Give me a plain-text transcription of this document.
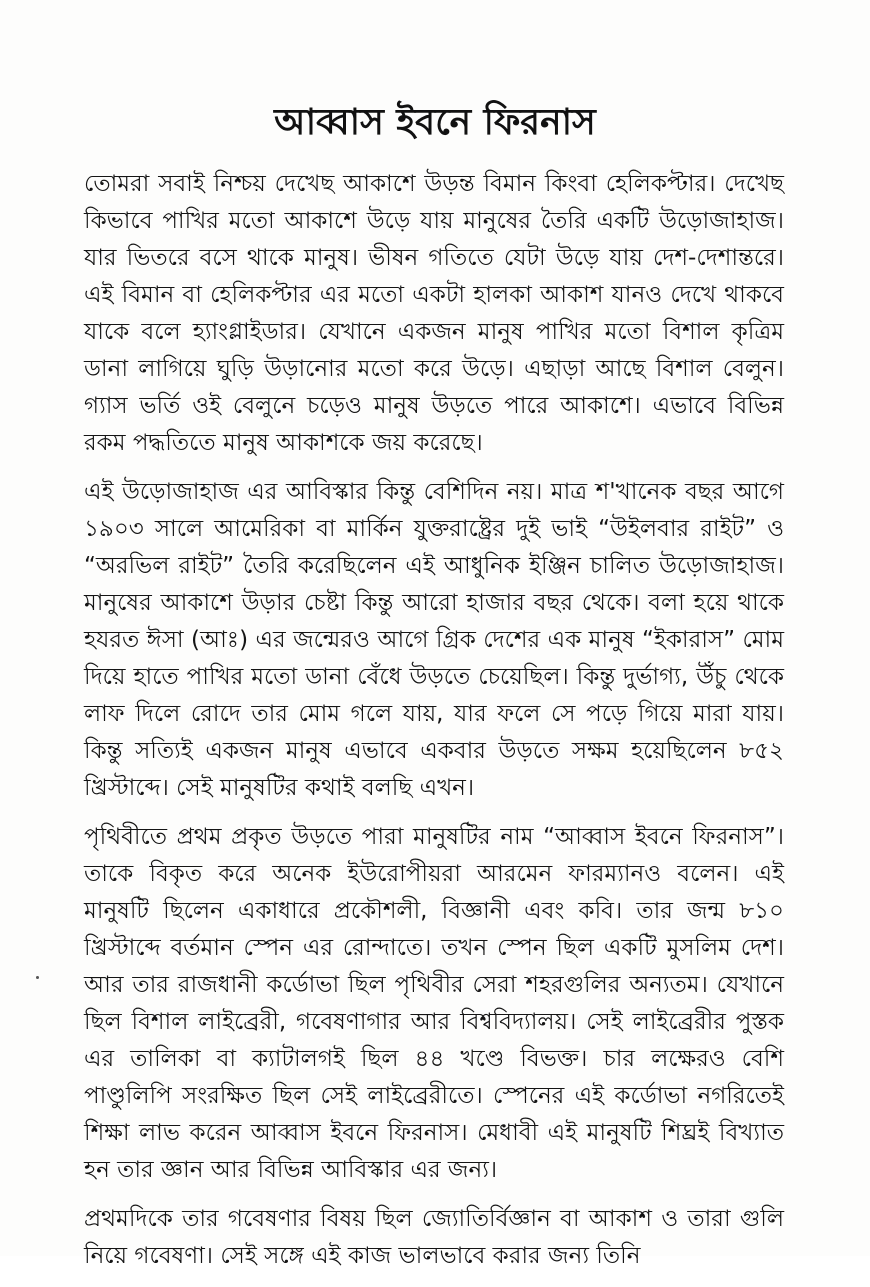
আব্বাস ইবনে ফিরনাস

তোমরা সবাই নিশ্চয় দেখেছ আকাশে উড়ন্ত বিমান কিংবা হেলিকপ্টার। দেখেছ কিভাবে পাখির মতো আকাশে উড়ে যায় মানুষের তৈরি একটি উড়োজাহাজ। যার ভিতরে বসে থাকে মানুষ। ভীষন গতিতে যেটা উড়ে যায় দেশ-দেশান্তরে। এই বিমান বা হেলিকপ্টার এর মতো একটা হালকা আকাশ যানও দেখে থাকবে যাকে বলে হ্যাংগ্লাইডার। যেখানে একজন মানুষ পাখির মতো বিশাল কৃত্রিম ডানা লাগিয়ে ঘুড়ি উড়ানোর মতো করে উড়ে। এছাড়া আছে বিশাল বেলুন। গ্যাস ভর্তি ওই বেলুনে চড়েও মানুষ উড়তে পারে আকাশে। এভাবে বিভিন্ন রকম পদ্ধতিতে মানুষ আকাশকে জয় করেছে।

এই উড়োজাহাজ এর আবিস্কার কিন্তু বেশিদিন নয়। মাত্র শ'খানেক বছর আগে ১৯০৩ সালে আমেরিকা বা মার্কিন যুক্তরাষ্ট্রের দুই ভাই “উইলবার রাইট” ও “অরভিল রাইট” তৈরি করেছিলেন এই আধুনিক ইঞ্জিন চালিত উড়োজাহাজ। মানুষের আকাশে উড়ার চেষ্টা কিন্তু আরো হাজার বছর থেকে। বলা হয়ে থাকে হযরত ঈসা (আঃ) এর জন্মেরও আগে গ্রিক দেশের এক মানুষ “ইকারাস” মোম দিয়ে হাতে পাখির মতো ডানা বেঁধে উড়তে চেয়েছিল। কিন্তু দুর্ভাগ্য, উঁচু থেকে লাফ দিলে রোদে তার মোম গলে যায়, যার ফলে সে পড়ে গিয়ে মারা যায়। কিন্তু সত্যিই একজন মানুষ এভাবে একবার উড়তে সক্ষম হয়েছিলেন ৮৫২ খ্রিস্টাব্দে। সেই মানুষটির কথাই বলছি এখন।

পৃথিবীতে প্রথম প্রকৃত উড়তে পারা মানুষটির নাম “আব্বাস ইবনে ফিরনাস”। তাকে বিকৃত করে অনেক ইউরোপীয়রা আরমেন ফারম্যানও বলেন। এই মানুষটি ছিলেন একাধারে প্রকৌশলী, বিজ্ঞানী এবং কবি। তার জন্ম ৮১০ খ্রিস্টাব্দে বর্তমান স্পেন এর রোন্দাতে। তখন স্পেন ছিল একটি মুসলিম দেশ। আর তার রাজধানী কর্ডোভা ছিল পৃথিবীর সেরা শহরগুলির অন্যতম। যেখানে ছিল বিশাল লাইব্রেরী, গবেষণাগার আর বিশ্ববিদ্যালয়। সেই লাইব্রেরীর পুস্তক এর তালিকা বা ক্যাটালগই ছিল ৪৪ খণ্ডে বিভক্ত। চার লক্ষেরও বেশি পাণ্ডুলিপি সংরক্ষিত ছিল সেই লাইব্রেরীতে। স্পেনের এই কর্ডোভা নগরিতেই শিক্ষা লাভ করেন আব্বাস ইবনে ফিরনাস। মেধাবী এই মানুষটি শিঘ্রই বিখ্যাত হন তার জ্ঞান আর বিভিন্ন আবিস্কার এর জন্য।

প্রথমদিকে তার গবেষণার বিষয় ছিল জ্যোতির্বিজ্ঞান বা আকাশ ও তারা গুলি নিয়ে গবেষণা। সেই সঙ্গে এই কাজ ভালভাবে করার জন্য তিনি
